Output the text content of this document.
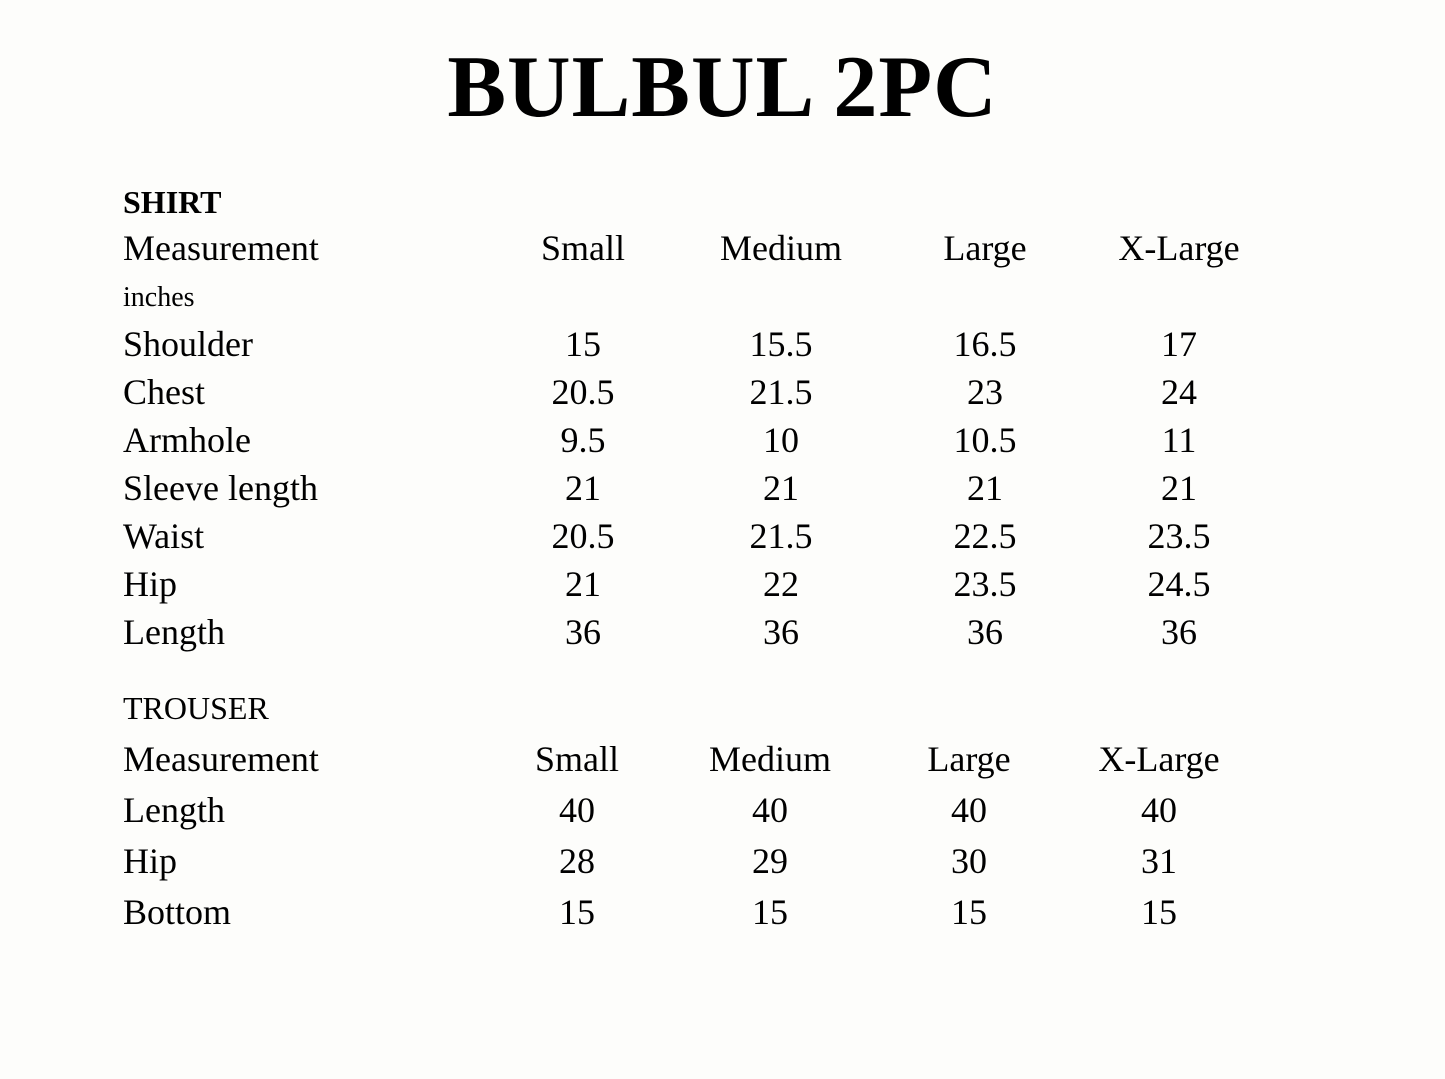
BULBUL 2PC
SHIRT
Measurement	Small	Medium	Large	X-Large
inches
Shoulder	15	15.5	16.5	17
Chest	20.5	21.5	23	24
Armhole	9.5	10	10.5	11
Sleeve length	21	21	21	21
Waist	20.5	21.5	22.5	23.5
Hip	21	22	23.5	24.5
Length	36	36	36	36
TROUSER
Measurement	Small	Medium	Large	X-Large
Length	40	40	40	40
Hip	28	29	30	31
Bottom	15	15	15	15
